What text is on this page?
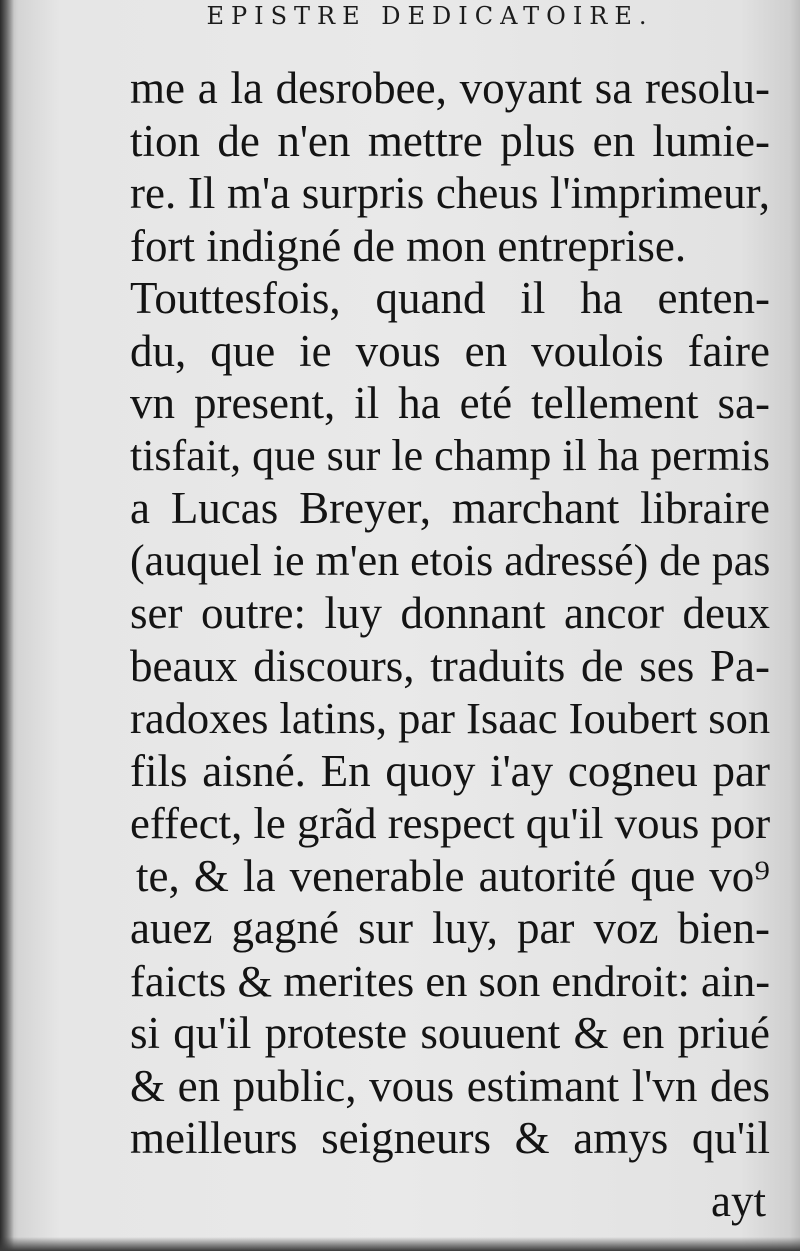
EPISTRE DEDICATOIRE.
me a la desrobee, voyant sa resolu-
tion de n'en mettre plus en lumie-
re. Il m'a surpris cheus l'imprimeur,
fort indigné de mon entreprise.
Touttesfois, quand il ha enten-
du, que ie vous en voulois faire
vn present, il ha eté tellement sa-
tisfait, que sur le champ il ha permis
a Lucas Breyer, marchant libraire
(auquel ie m'en etois adressé) de pas
ser outre: luy donnant ancor deux
beaux discours, traduits de ses Pa-
radoxes latins, par Isaac Ioubert son
fils aisné. En quoy i'ay cogneu par
effect, le grãd respect qu'il vous por
te, & la venerable autorité que vo⁹
auez gagné sur luy, par voz bien-
faicts & merites en son endroit: ain-
si qu'il proteste souuent & en priué
& en public, vous estimant l'vn des
meilleurs seigneurs & amys qu'il
ayt
